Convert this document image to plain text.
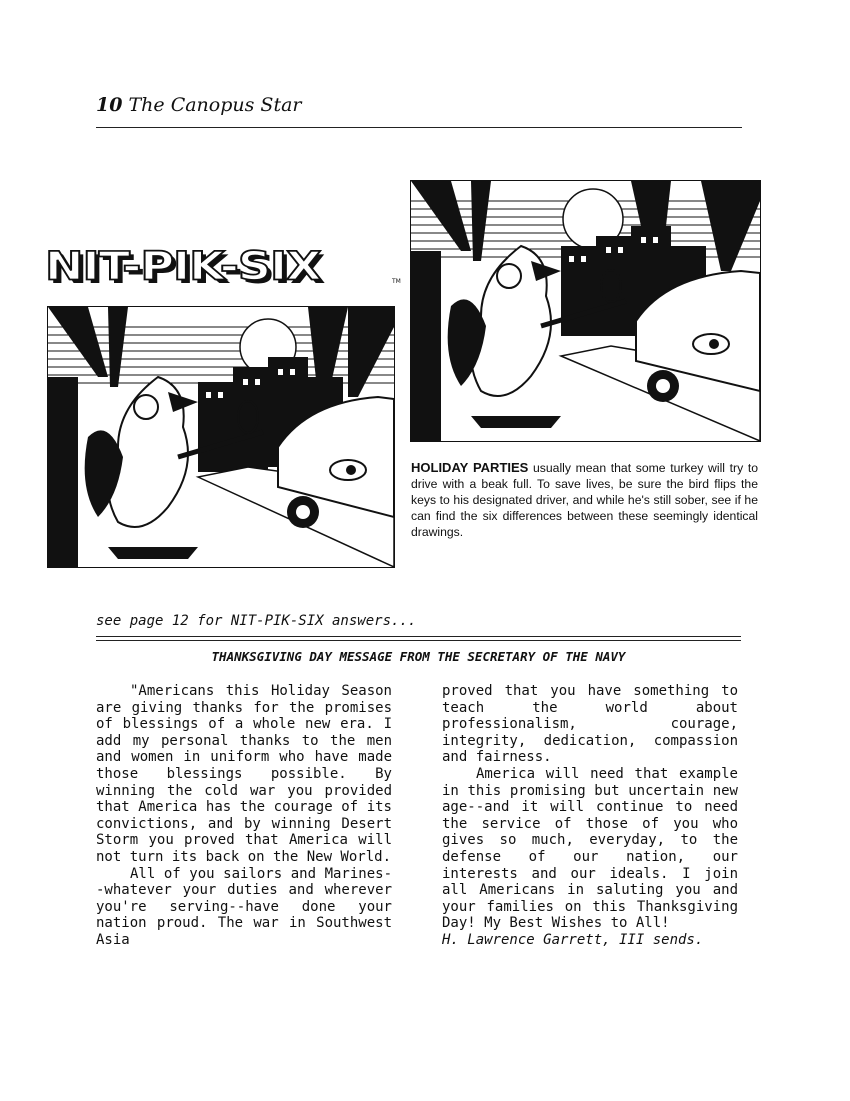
10 The Canopus Star
NIT-PIK-SIX	TM
HOLIDAY PARTIES usually mean that some turkey will try to drive with a beak full. To save lives, be sure the bird flips the keys to his designated driver, and while he's still sober, see if he can find the six differences between these seemingly identical drawings.
see page 12 for NIT-PIK-SIX answers...
THANKSGIVING DAY MESSAGE FROM THE SECRETARY OF THE NAVY

"Americans this Holiday Season are giving thanks for the promises of blessings of a whole new era. I add my personal thanks to the men and women in uniform who have made those blessings possible. By winning the cold war you provided that America has the courage of its convictions, and by winning Desert Storm you proved that America will not turn its back on the New World.

All of you sailors and Marines--whatever your duties and wherever you're serving--have done your nation proud. The war in Southwest Asia

proved that you have something to teach the world about professionalism, courage, integrity, dedication, compassion and fairness.

America will need that example in this promising but uncertain new age--and it will continue to need the service of those of you who gives so much, everyday, to the defense of our nation, our interests and our ideals. I join all Americans in saluting you and your families on this Thanksgiving Day! My Best Wishes to All!

H. Lawrence Garrett, III sends.
